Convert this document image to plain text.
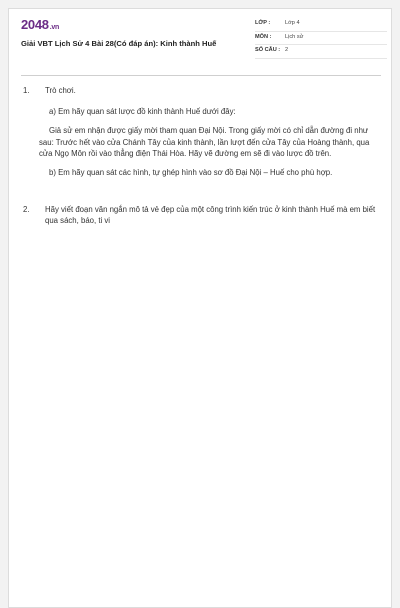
2048.vn
Giải VBT Lịch Sử 4 Bài 28(Có đáp án): Kinh thành Huế
LỚP :	Lớp 4
MÔN : Lịch sử
SỐ CÂU : 2
1. Trò chơi.
a) Em hãy quan sát lược đồ kinh thành Huế dưới đây:
Giả sử em nhận được giấy mời tham quan Đại Nội. Trong giấy mời có chỉ dẫn đường đi như sau: Trước hết vào cửa Chánh Tây của kinh thành, lần lượt đến cửa Tây của Hoàng thành, qua cửa Ngọ Môn rồi vào thẳng điện Thái Hòa. Hãy vẽ đường em sẽ đi vào lược đồ trên.
b) Em hãy quan sát các hình, tự ghép hình vào sơ đồ Đại Nội – Huế cho phù hợp.
2. Hãy viết đoạn văn ngắn mô tả vẻ đẹp của một công trình kiến trúc ở kinh thành Huế mà em biết qua sách, báo, ti vi
